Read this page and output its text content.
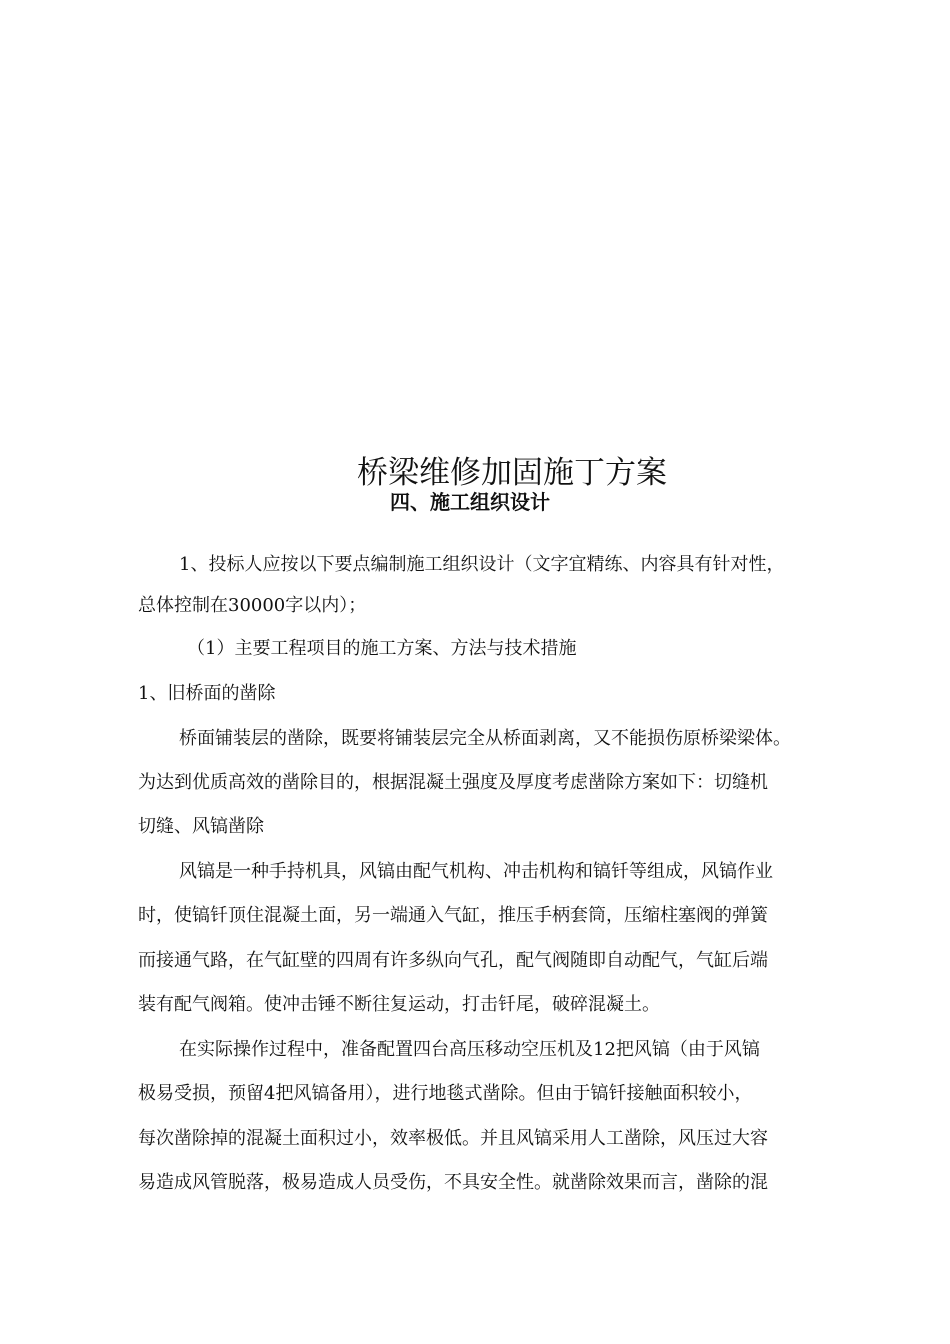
桥梁维修加固施丁方案
四、施工组织设计
1、投标人应按以下要点编制施工组织设计（文字宜精练、内容具有针对性，
总体控制在30000字以内）；
（1）主要工程项目的施工方案、方法与技术措施
1、旧桥面的凿除
桥面铺装层的凿除，既要将铺装层完全从桥面剥离，又不能损伤原桥梁梁体。
为达到优质高效的凿除目的，根据混凝土强度及厚度考虑凿除方案如下：切缝机
切缝、风镐凿除
风镐是一种手持机具，风镐由配气机构、冲击机构和镐钎等组成，风镐作业
时，使镐钎顶住混凝土面，另一端通入气缸，推压手柄套筒，压缩柱塞阀的弹簧
而接通气路，在气缸壁的四周有许多纵向气孔，配气阀随即自动配气，气缸后端
装有配气阀箱。使冲击锤不断往复运动，打击钎尾，破碎混凝土。
在实际操作过程中，准备配置四台高压移动空压机及12把风镐（由于风镐
极易受损，预留4把风镐备用），进行地毯式凿除。但由于镐钎接触面积较小，
每次凿除掉的混凝土面积过小，效率极低。并且风镐采用人工凿除，风压过大容
易造成风管脱落，极易造成人员受伤，不具安全性。就凿除效果而言，凿除的混
